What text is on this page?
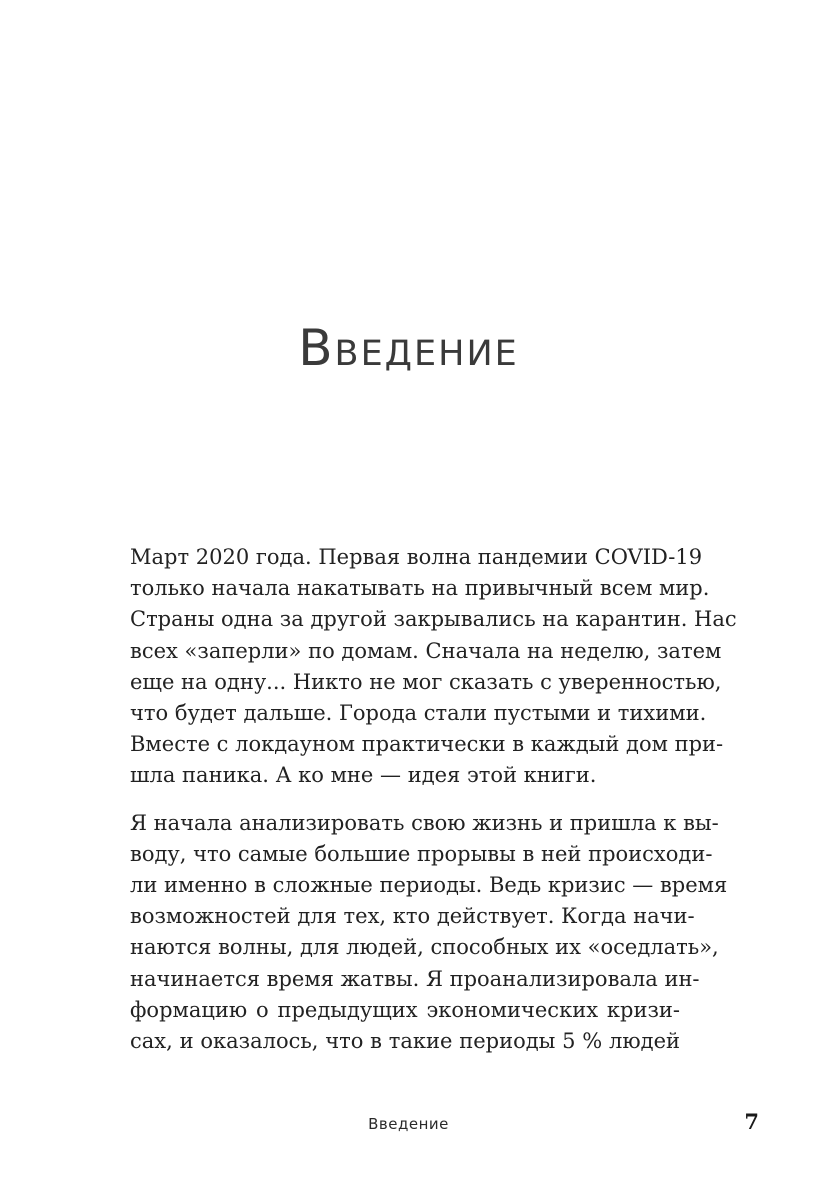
Введение

Март 2020 года. Первая волна пандемии COVID-19
только начала накатывать на привычный всем мир.
Страны одна за другой закрывались на карантин. Нас
всех «заперли» по домам. Сначала на неделю, затем
еще на одну... Никто не мог сказать с уверенностью,
что будет дальше. Города стали пустыми и тихими.
Вместе с локдауном практически в каждый дом при-
шла паника. А ко мне — идея этой книги.

Я начала анализировать свою жизнь и пришла к вы-
воду, что самые большие прорывы в ней происходи-
ли именно в сложные периоды. Ведь кризис — время
возможностей для тех, кто действует. Когда начи-
наются волны, для людей, способных их «оседлать»,
начинается время жатвы. Я проанализировала ин-
формацию о предыдущих экономических кризи-
сах, и оказалось, что в такие периоды 5 % людей

Введение	7
